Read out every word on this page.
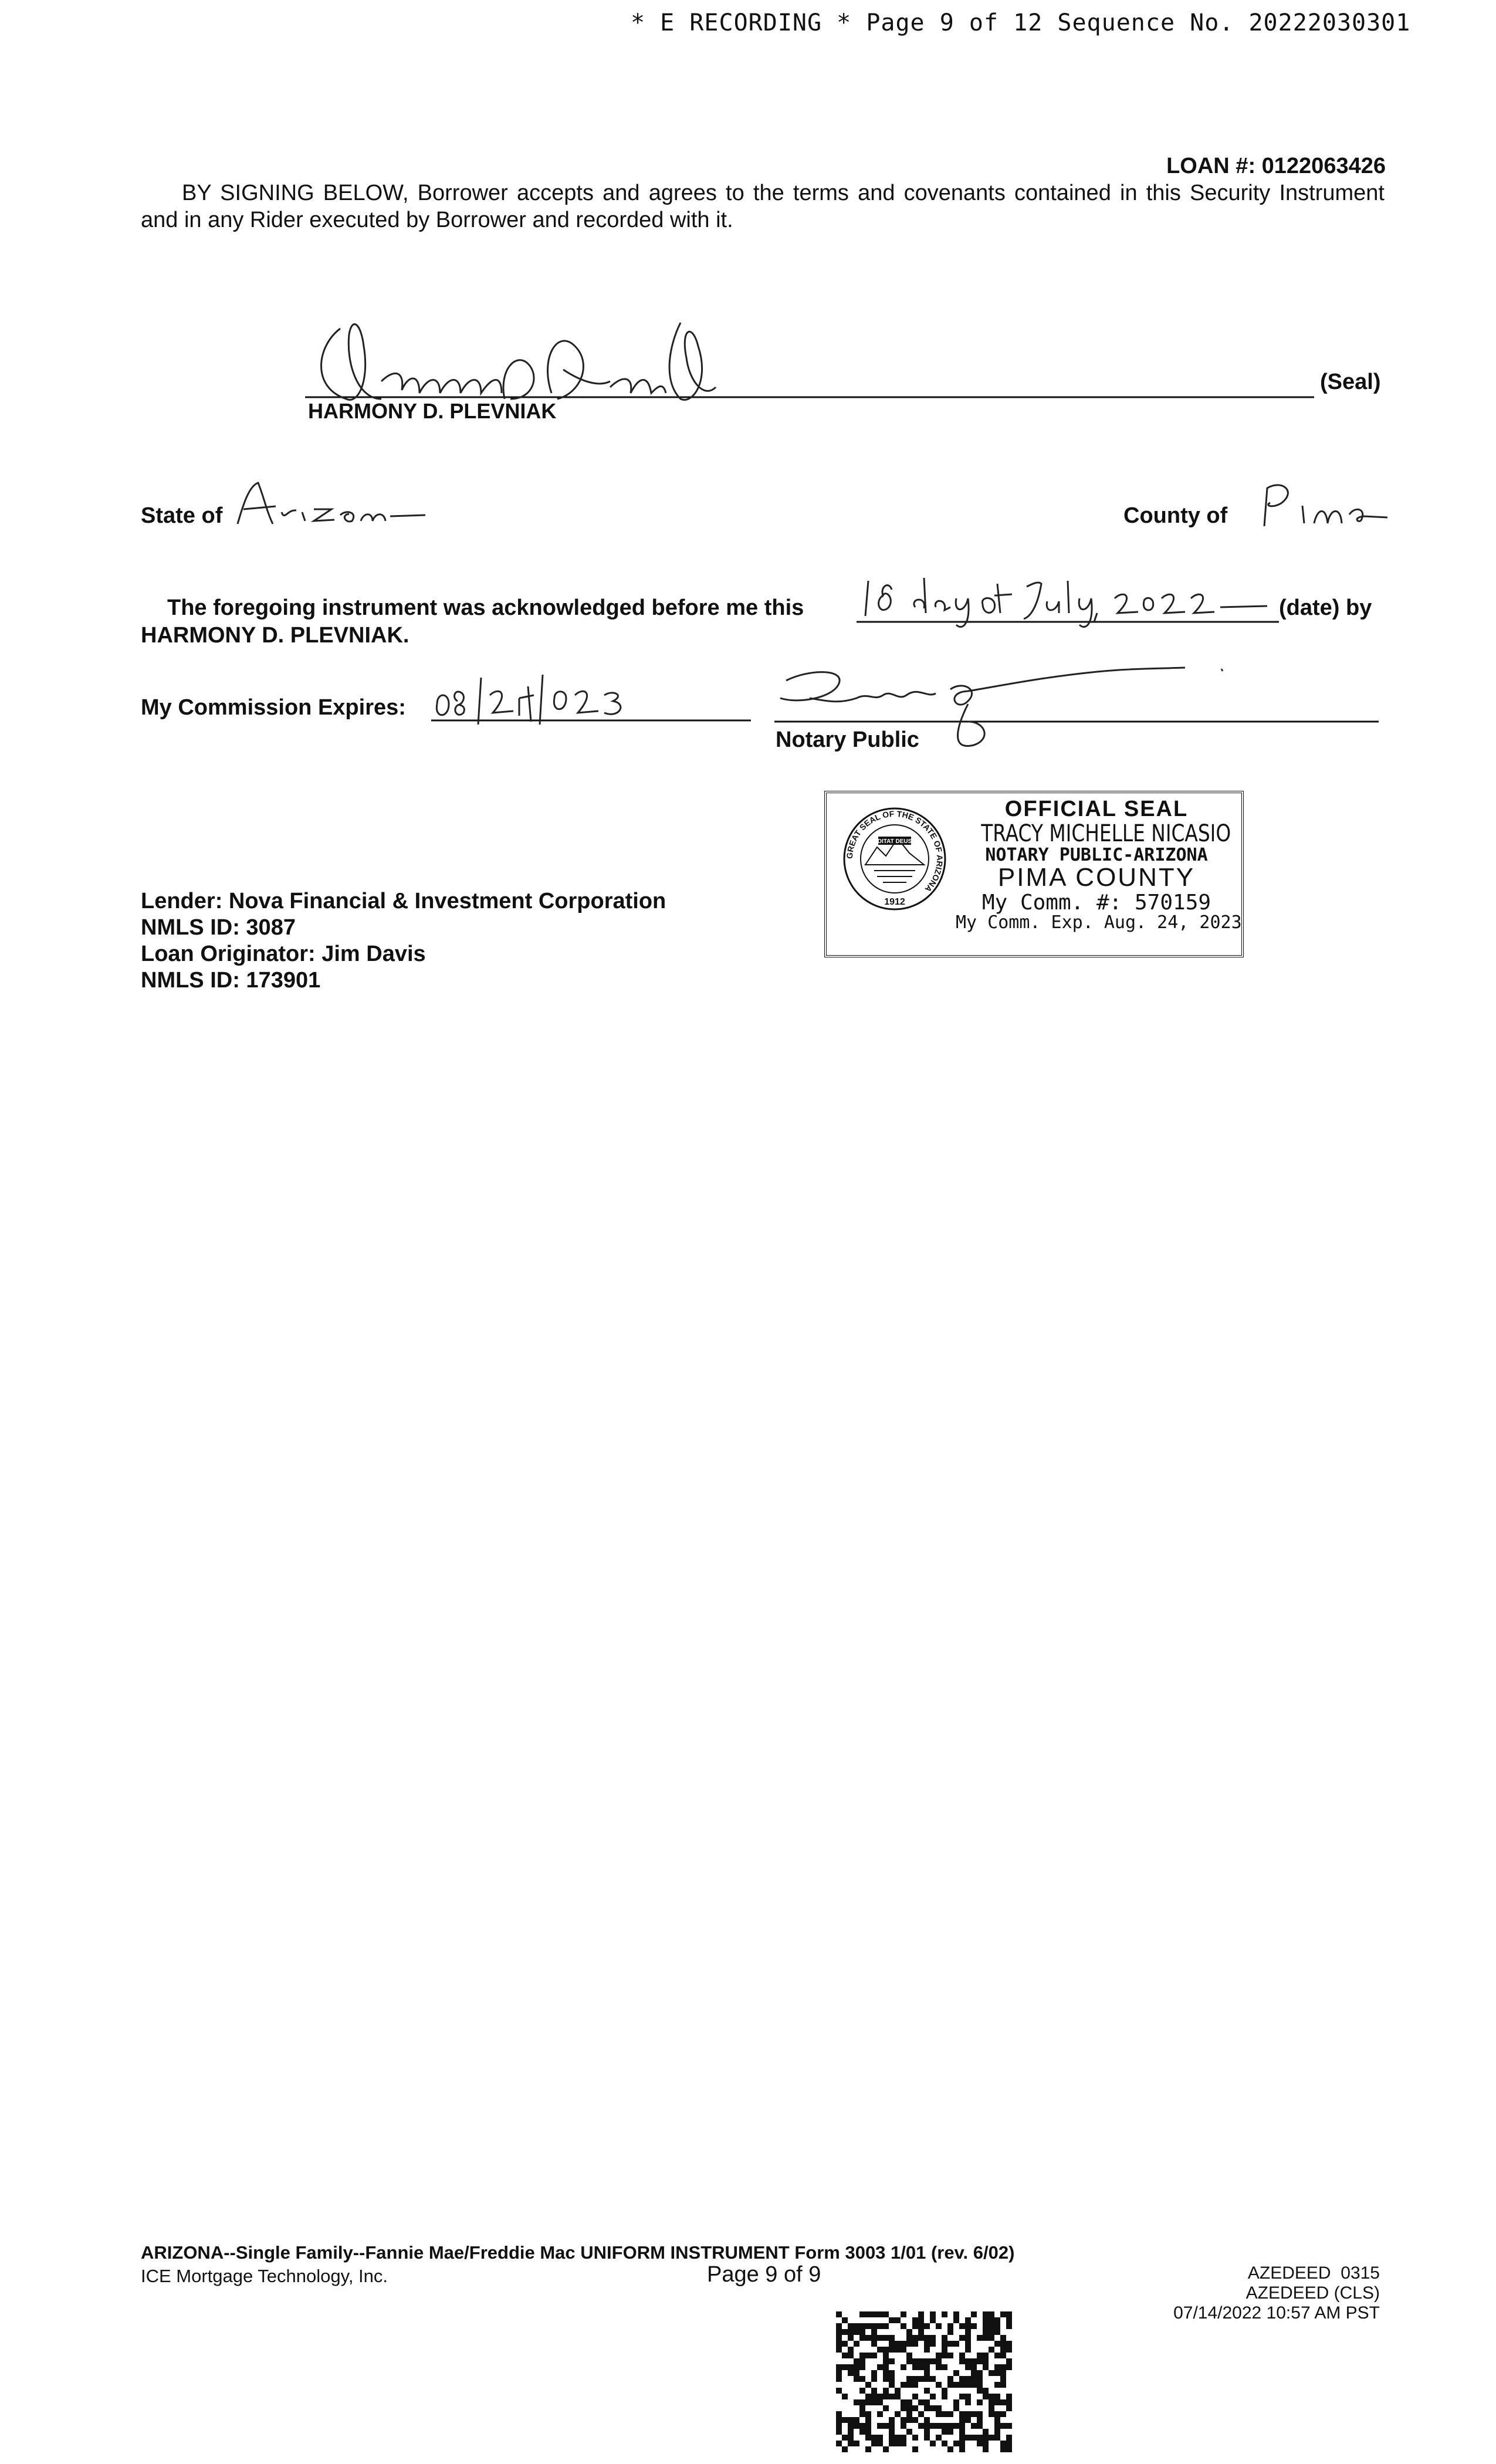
* E RECORDING * Page 9 of 12 Sequence No. 20222030301
LOAN #: 0122063426
BY SIGNING BELOW, Borrower accepts and agrees to the terms and covenants contained in this Security Instrument and in any Rider executed by Borrower and recorded with it.
HARMONY D. PLEVNIAK
(Seal)
State of	County of
The foregoing instrument was acknowledged before me this	(date) by
HARMONY D. PLEVNIAK.
My Commission Expires:
Notary Public
GREAT SEAL OF THE STATE OF ARIZONA
DITAT DEUS
1912
OFFICIAL SEAL
TRACY MICHELLE NICASIO
NOTARY PUBLIC-ARIZONA
PIMA COUNTY
My Comm. #: 570159
My Comm. Exp. Aug. 24, 2023
Lender: Nova Financial & Investment Corporation
NMLS ID: 3087
Loan Originator: Jim Davis
NMLS ID: 173901
ARIZONA--Single Family--Fannie Mae/Freddie Mac UNIFORM INSTRUMENT Form 3003 1/01 (rev. 6/02)
ICE Mortgage Technology, Inc.	Page 9 of 9	AZEDEED  0315
AZEDEED (CLS)
07/14/2022 10:57 AM PST
